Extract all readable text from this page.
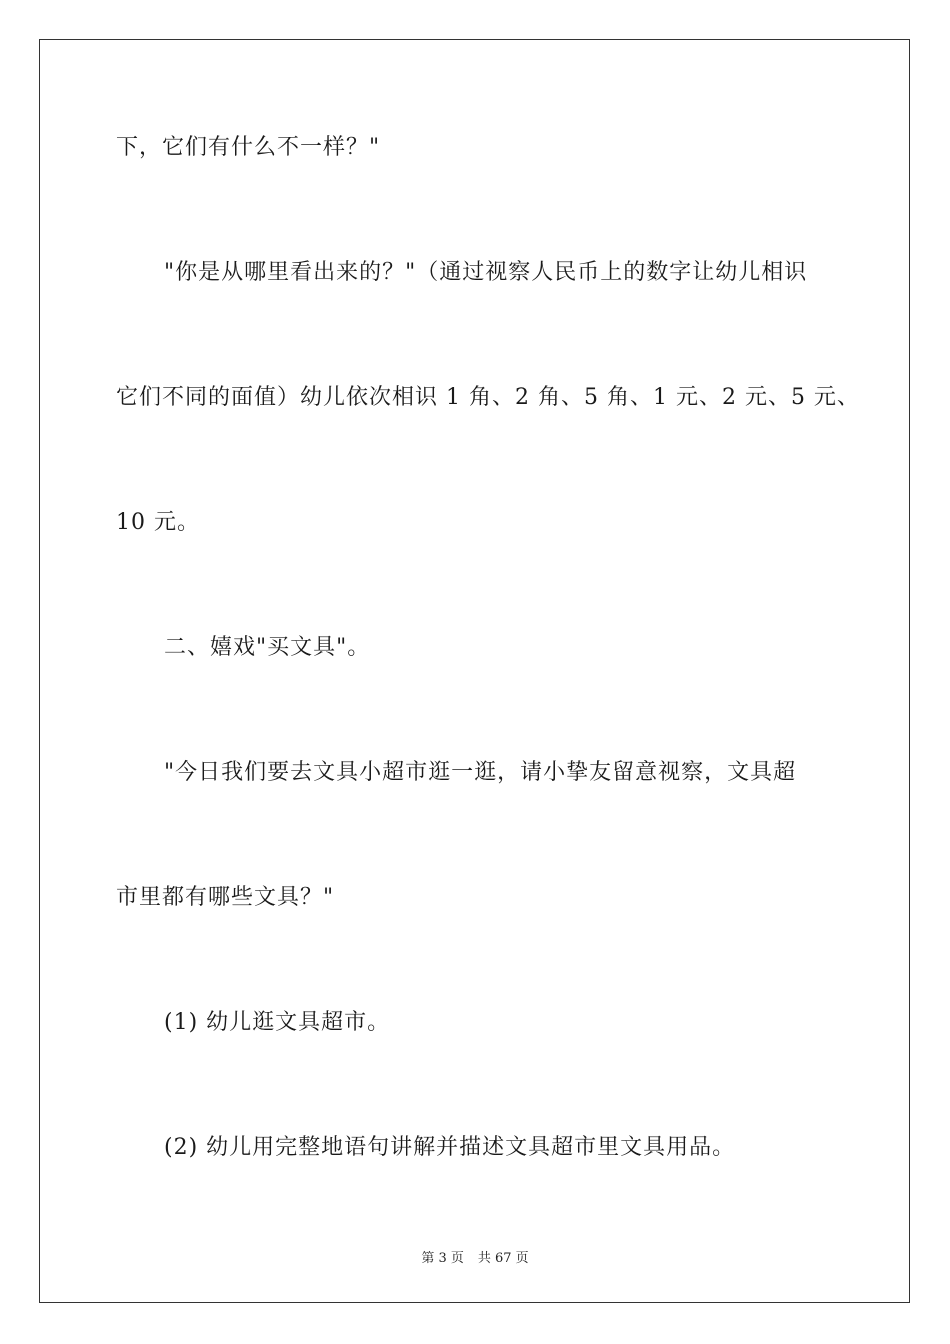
下，它们有什么不一样？"

"你是从哪里看出来的？"（通过视察人民币上的数字让幼儿相识

它们不同的面值）幼儿依次相识 1 角、2 角、5 角、1 元、2 元、5 元、

10 元。

二、嬉戏"买文具"。

"今日我们要去文具小超市逛一逛，请小挚友留意视察，文具超

市里都有哪些文具？"

(1) 幼儿逛文具超市。

(2) 幼儿用完整地语句讲解并描述文具超市里文具用品。

第 3 页 共 67 页
